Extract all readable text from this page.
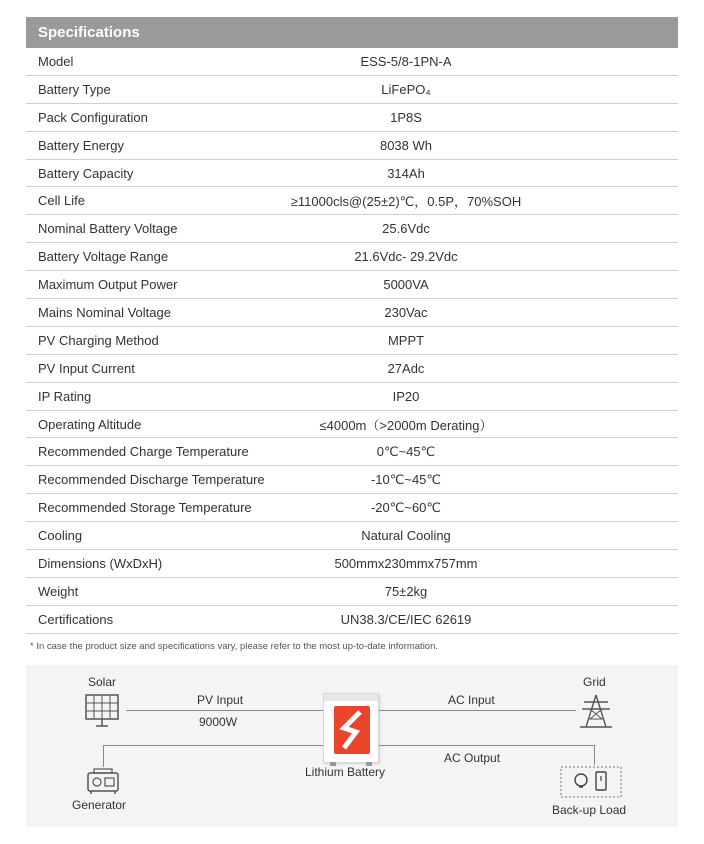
Specifications
Model	ESS-5/8-1PN-A
Battery Type	LiFePO₄
Pack Configuration	1P8S
Battery Energy	8038 Wh
Battery Capacity	314Ah
Cell Life	≥11000cls@(25±2)℃，0.5P，70%SOH
Nominal Battery Voltage	25.6Vdc
Battery Voltage Range	21.6Vdc- 29.2Vdc
Maximum Output Power	5000VA
Mains Nominal Voltage	230Vac
PV Charging Method	MPPT
PV Input Current	27Adc
IP Rating	IP20
Operating Altitude	≤4000m（>2000m Derating）
Recommended Charge Temperature	0℃~45℃
Recommended Discharge Temperature	-10℃~45℃
Recommended Storage Temperature	-20℃~60℃
Cooling	Natural Cooling
Dimensions (WxDxH)	500mmx230mmx757mm
Weight	75±2kg
Certifications	UN38.3/CE/IEC 62619
* In case the product size and specifications vary, please refer to the most up-to-date information.
Solar
PV Input
9000W
Lithium Battery
Grid
AC Input
AC Output
Generator	Back-up Load
